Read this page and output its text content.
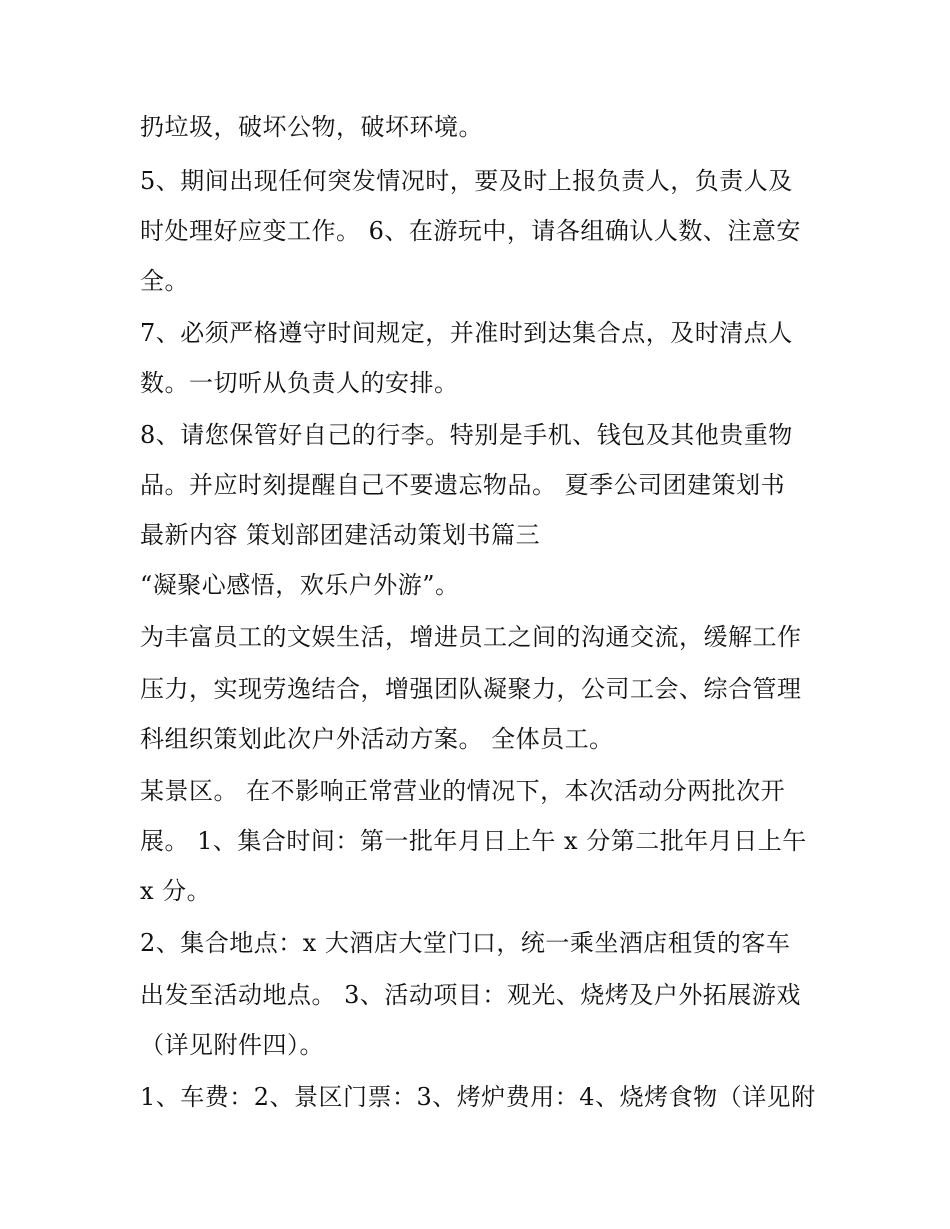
扔垃圾，破坏公物，破坏环境。
5、期间出现任何突发情况时，要及时上报负责人，负责人及
时处理好应变工作。 6、在游玩中，请各组确认人数、注意安
全。
7、必须严格遵守时间规定，并准时到达集合点，及时清点人
数。一切听从负责人的安排。
8、请您保管好自己的行李。特别是手机、钱包及其他贵重物
品。并应时刻提醒自己不要遗忘物品。 夏季公司团建策划书
最新内容 策划部团建活动策划书篇三
“凝聚心感悟，欢乐户外游”。
为丰富员工的文娱生活，增进员工之间的沟通交流，缓解工作
压力，实现劳逸结合，增强团队凝聚力，公司工会、综合管理
科组织策划此次户外活动方案。 全体员工。
某景区。 在不影响正常营业的情况下，本次活动分两批次开
展。 1、集合时间：第一批年月日上午 x 分第二批年月日上午
x 分。
2、集合地点：x 大酒店大堂门口，统一乘坐酒店租赁的客车
出发至活动地点。 3、活动项目：观光、烧烤及户外拓展游戏
（详见附件四）。
1、车费：2、景区门票：3、烤炉费用：4、烧烤食物（详见附
